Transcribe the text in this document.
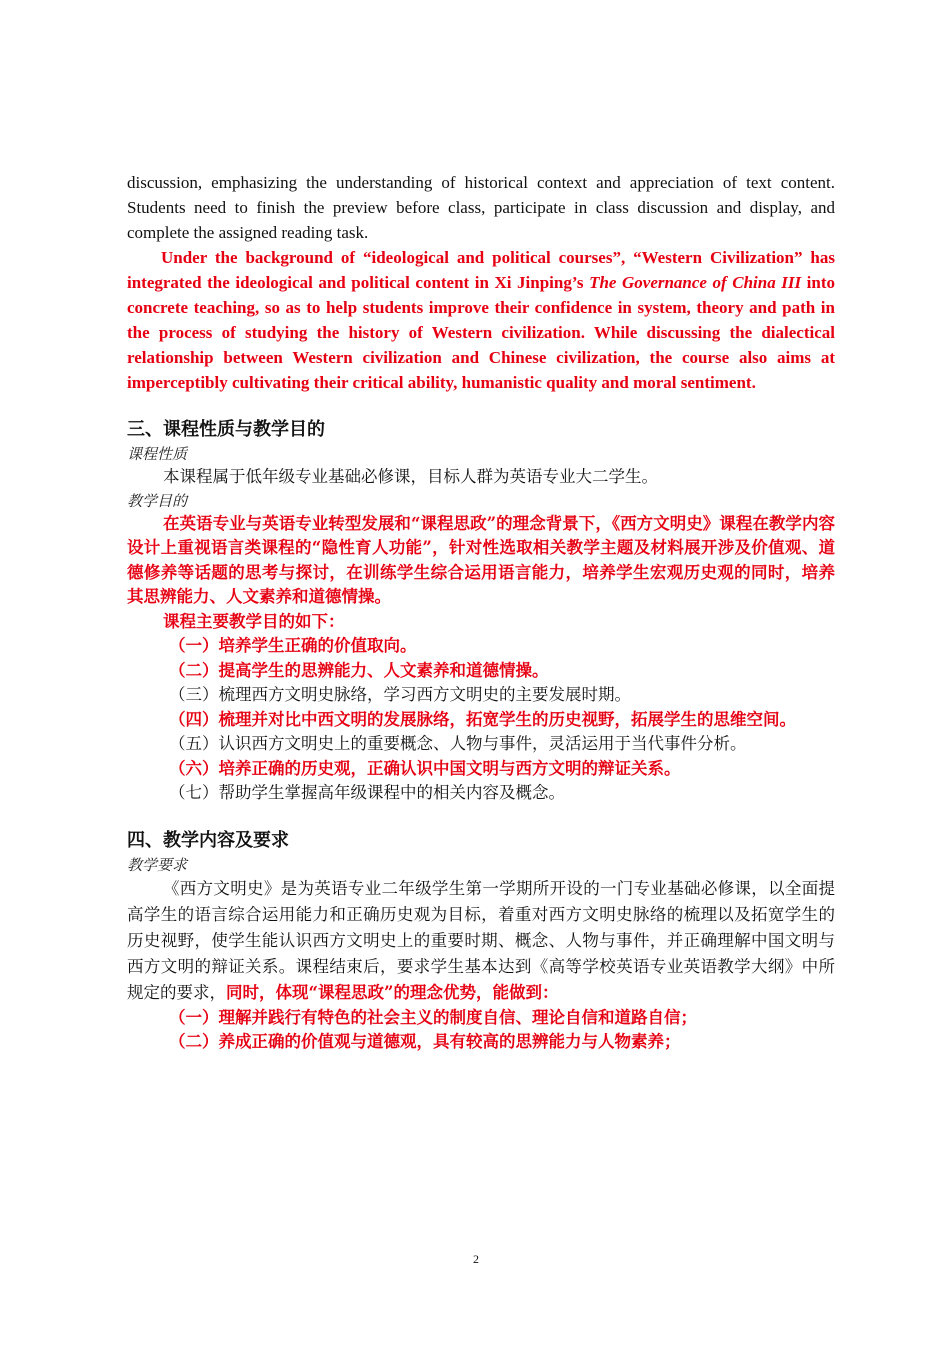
discussion, emphasizing the understanding of historical context and appreciation of text content. Students need to finish the preview before class, participate in class discussion and display, and complete the assigned reading task.

Under the background of “ideological and political courses”, “Western Civilization” has integrated the ideological and political content in Xi Jinping’s The Governance of China III into concrete teaching, so as to help students improve their confidence in system, theory and path in the process of studying the history of Western civilization. While discussing the dialectical relationship between Western civilization and Chinese civilization, the course also aims at imperceptibly cultivating their critical ability, humanistic quality and moral sentiment.

三、课程性质与教学目的

课程性质

本课程属于低年级专业基础必修课，目标人群为英语专业大二学生。

教学目的

在英语专业与英语专业转型发展和“课程思政”的理念背景下，《西方文明史》课程在教学内容设计上重视语言类课程的“隐性育人功能”，针对性选取相关教学主题及材料展开涉及价值观、道德修养等话题的思考与探讨，在训练学生综合运用语言能力，培养学生宏观历史观的同时，培养其思辨能力、人文素养和道德情操。

课程主要教学目的如下：

（一）培养学生正确的价值取向。

（二）提高学生的思辨能力、人文素养和道德情操。

（三）梳理西方文明史脉络，学习西方文明史的主要发展时期。

（四）梳理并对比中西文明的发展脉络，拓宽学生的历史视野，拓展学生的思维空间。

（五）认识西方文明史上的重要概念、人物与事件，灵活运用于当代事件分析。

（六）培养正确的历史观，正确认识中国文明与西方文明的辩证关系。

（七）帮助学生掌握高年级课程中的相关内容及概念。

四、教学内容及要求

教学要求

《西方文明史》是为英语专业二年级学生第一学期所开设的一门专业基础必修课，以全面提高学生的语言综合运用能力和正确历史观为目标，着重对西方文明史脉络的梳理以及拓宽学生的历史视野，使学生能认识西方文明史上的重要时期、概念、人物与事件，并正确理解中国文明与西方文明的辩证关系。课程结束后，要求学生基本达到《高等学校英语专业英语教学大纲》中所规定的要求，同时，体现“课程思政”的理念优势，能做到：

（一）理解并践行有特色的社会主义的制度自信、理论自信和道路自信；

（二）养成正确的价值观与道德观，具有较高的思辨能力与人物素养；

2
